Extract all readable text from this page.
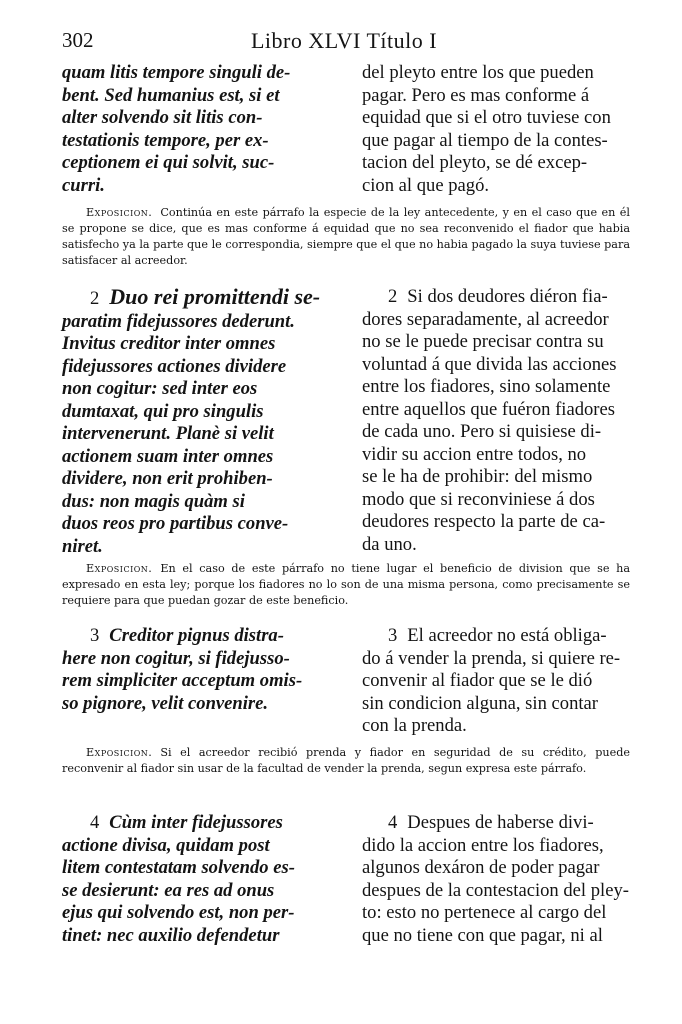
302	Libro XLVI Título I
quam litis tempore singuli de-
bent. Sed humanius est, si et
alter solvendo sit litis con-
testationis tempore, per ex-
ceptionem ei qui solvit, suc-
curri.
del pleyto entre los que pueden
pagar. Pero es mas conforme á
equidad que si el otro tuviese con
que pagar al tiempo de la contes-
tacion del pleyto, se dé excep-
cion al que pagó.
Exposicion. Continúa en este párrafo la especie de la ley antecedente, y en el caso que en él se propone se dice, que es mas conforme á equidad que no sea reconvenido el fiador que habia satisfecho ya la parte que le correspondia, siempre que el que no habia pagado la suya tuviese para satisfacer al acreedor.
2 Duo rei promittendi se-
paratim fidejussores dederunt.
Invitus creditor inter omnes
fidejussores actiones dividere
non cogitur: sed inter eos
dumtaxat, qui pro singulis
intervenerunt. Planè si velit
actionem suam inter omnes
dividere, non erit prohiben-
dus: non magis quàm si
duos reos pro partibus conve-
niret.
2 Si dos deudores diéron fia-
dores separadamente, al acreedor
no se le puede precisar contra su
voluntad á que divida las acciones
entre los fiadores, sino solamente
entre aquellos que fuéron fiadores
de cada uno. Pero si quisiese di-
vidir su accion entre todos, no
se le ha de prohibir: del mismo
modo que si reconviniese á dos
deudores respecto la parte de ca-
da uno.
Exposicion. En el caso de este párrafo no tiene lugar el beneficio de division que se ha expresado en esta ley; porque los fiadores no lo son de una misma persona, como precisamente se requiere para que puedan gozar de este beneficio.
3 Creditor pignus distra-
here non cogitur, si fidejusso-
rem simpliciter acceptum omis-
so pignore, velit convenire.
3 El acreedor no está obliga-
do á vender la prenda, si quiere re-
convenir al fiador que se le dió
sin condicion alguna, sin contar
con la prenda.
Exposicion. Si el acreedor recibió prenda y fiador en seguridad de su crédito, puede reconvenir al fiador sin usar de la facultad de vender la prenda, segun expresa este párrafo.
4 Cùm inter fidejussores
actione divisa, quidam post
litem contestatam solvendo es-
se desierunt: ea res ad onus
ejus qui solvendo est, non per-
tinet: nec auxilio defendetur
4 Despues de haberse divi-
dido la accion entre los fiadores,
algunos dexáron de poder pagar
despues de la contestacion del pley-
to: esto no pertenece al cargo del
que no tiene con que pagar, ni al
